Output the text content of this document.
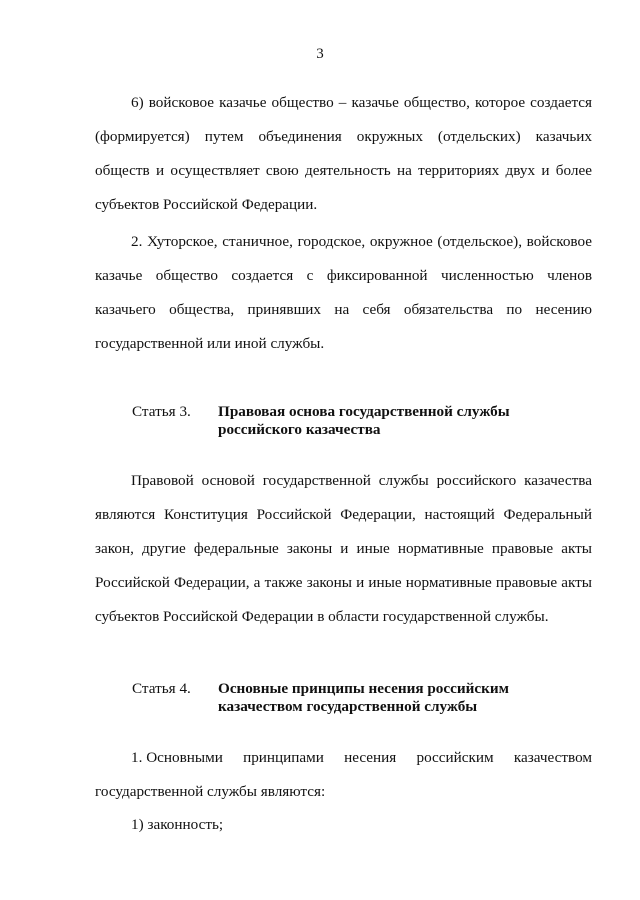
3

6) войсковое казачье общество – казачье общество, которое создается (формируется) путем объединения окружных (отдельских) казачьих обществ и осуществляет свою деятельность на территориях двух и более субъектов Российской Федерации.

2. Хуторское, станичное, городское, окружное (отдельское), войсковое казачье общество создается с фиксированной численностью членов казачьего общества, принявших на себя обязательства по несению государственной или иной службы.

Статья 3. Правовая основа государственной службы
российского казачества

Правовой основой государственной службы российского казачества являются Конституция Российской Федерации, настоящий Федеральный закон, другие федеральные законы и иные нормативные правовые акты Российской Федерации, а также законы и иные нормативные правовые акты субъектов Российской Федерации в области государственной службы.

Статья 4. Основные принципы несения российским
казачеством государственной службы
1. Основными принципами несения российским казачеством
государственной службы являются:

1) законность;
